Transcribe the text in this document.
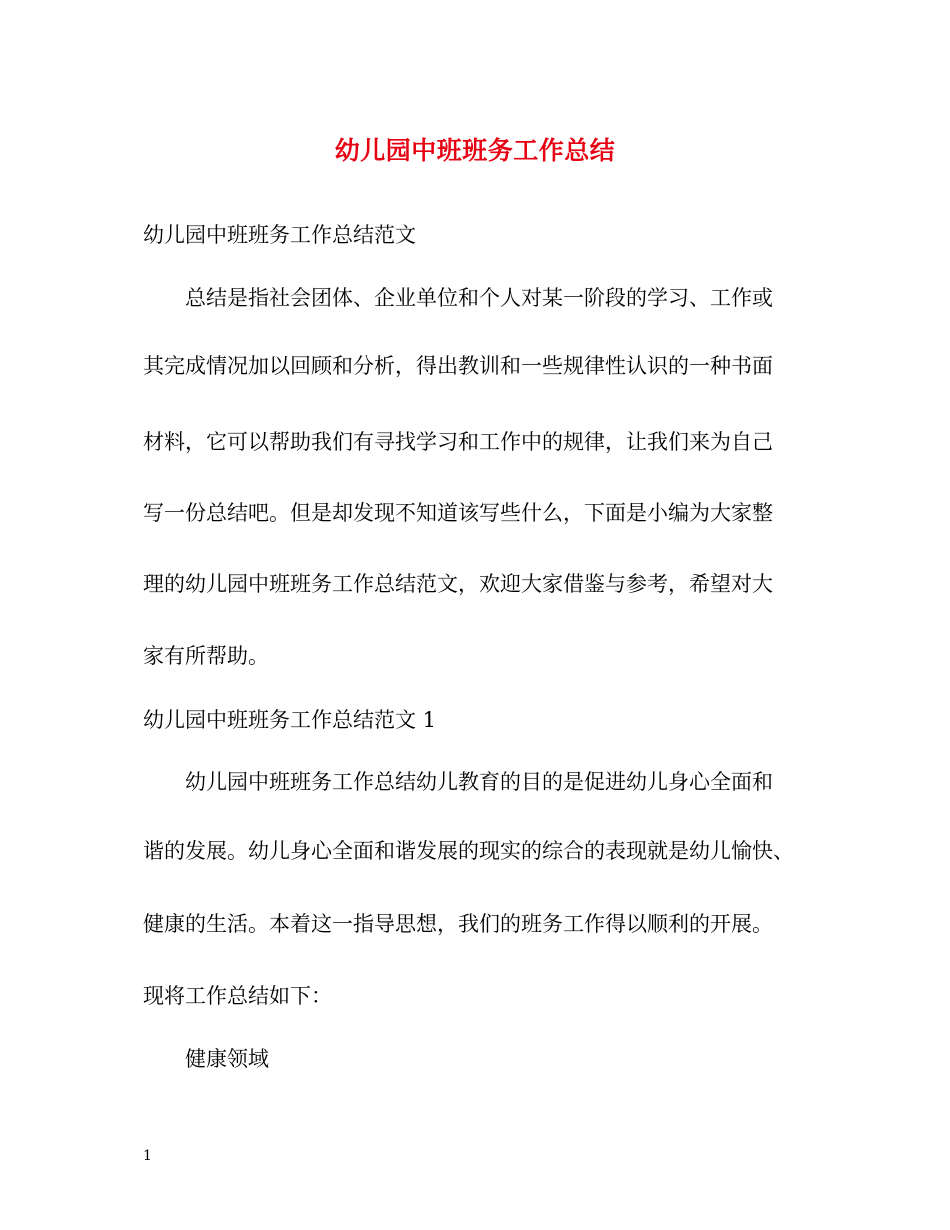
幼儿园中班班务工作总结
幼儿园中班班务工作总结范文
总结是指社会团体、企业单位和个人对某一阶段的学习、工作或
其完成情况加以回顾和分析，得出教训和一些规律性认识的一种书面
材料，它可以帮助我们有寻找学习和工作中的规律，让我们来为自己
写一份总结吧。但是却发现不知道该写些什么，下面是小编为大家整
理的幼儿园中班班务工作总结范文，欢迎大家借鉴与参考，希望对大
家有所帮助。
幼儿园中班班务工作总结范文 1
幼儿园中班班务工作总结幼儿教育的目的是促进幼儿身心全面和
谐的发展。幼儿身心全面和谐发展的现实的综合的表现就是幼儿愉快、
健康的生活。本着这一指导思想，我们的班务工作得以顺利的开展。
现将工作总结如下：
健康领域
1
